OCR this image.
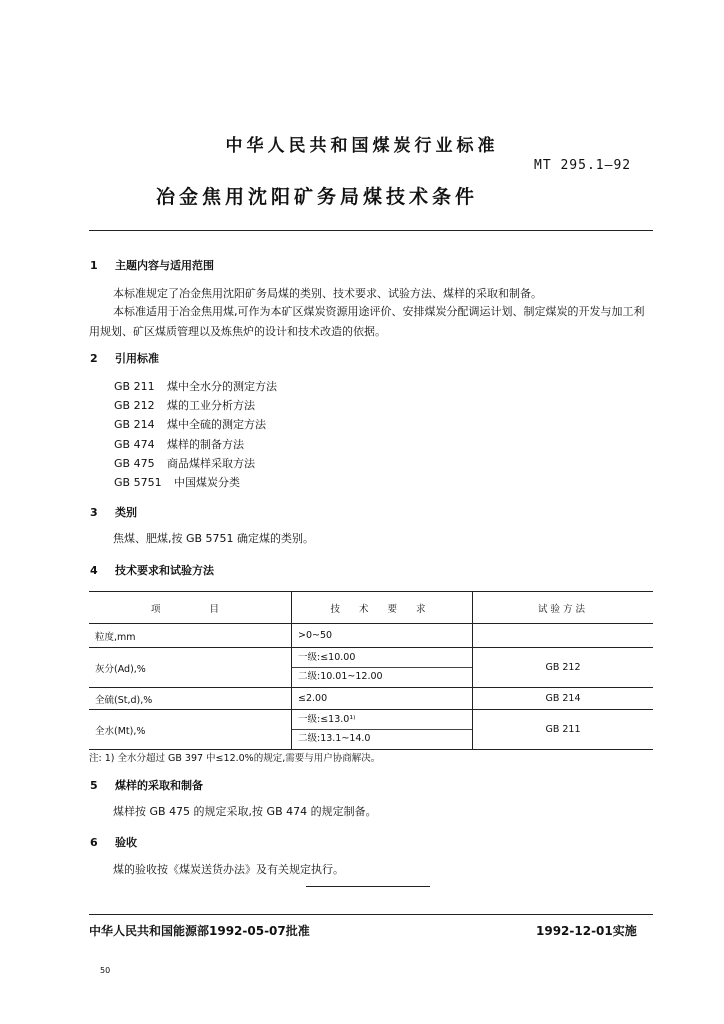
中华人民共和国煤炭行业标准
MT 295.1—92
冶金焦用沈阳矿务局煤技术条件
1 主题内容与适用范围
本标准规定了冶金焦用沈阳矿务局煤的类别、技术要求、试验方法、煤样的采取和制备。
本标准适用于冶金焦用煤,可作为本矿区煤炭资源用途评价、安排煤炭分配调运计划、制定煤炭的开发与加工利用规划、矿区煤质管理以及炼焦炉的设计和技术改造的依据。
2 引用标准
GB 211　 煤中全水分的测定方法
GB 212　 煤的工业分析方法
GB 214　 煤中全硫的测定方法
GB 474　 煤样的制备方法
GB 475　 商品煤样采取方法
GB 5751 中国煤炭分类
3 类别
焦煤、肥煤,按 GB 5751 确定煤的类别。
4 技术要求和试验方法
项　　目	技 术 要 求	试验方法
粒度,mm	>0~50	
灰分(Ad),%	一级:≤10.00
二级:10.01~12.00	GB 212
全硫(St,d),%	≤2.00	GB 214
全水(Mt),%	一级:≤13.0¹⁾
二级:13.1~14.0	GB 211
注: 1) 全水分超过 GB 397 中≤12.0%的规定,需要与用户协商解决。
5 煤样的采取和制备
煤样按 GB 475 的规定采取,按 GB 474 的规定制备。
6 验收
煤的验收按《煤炭送货办法》及有关规定执行。
中华人民共和国能源部1992-05-07批准	1992-12-01实施
50
